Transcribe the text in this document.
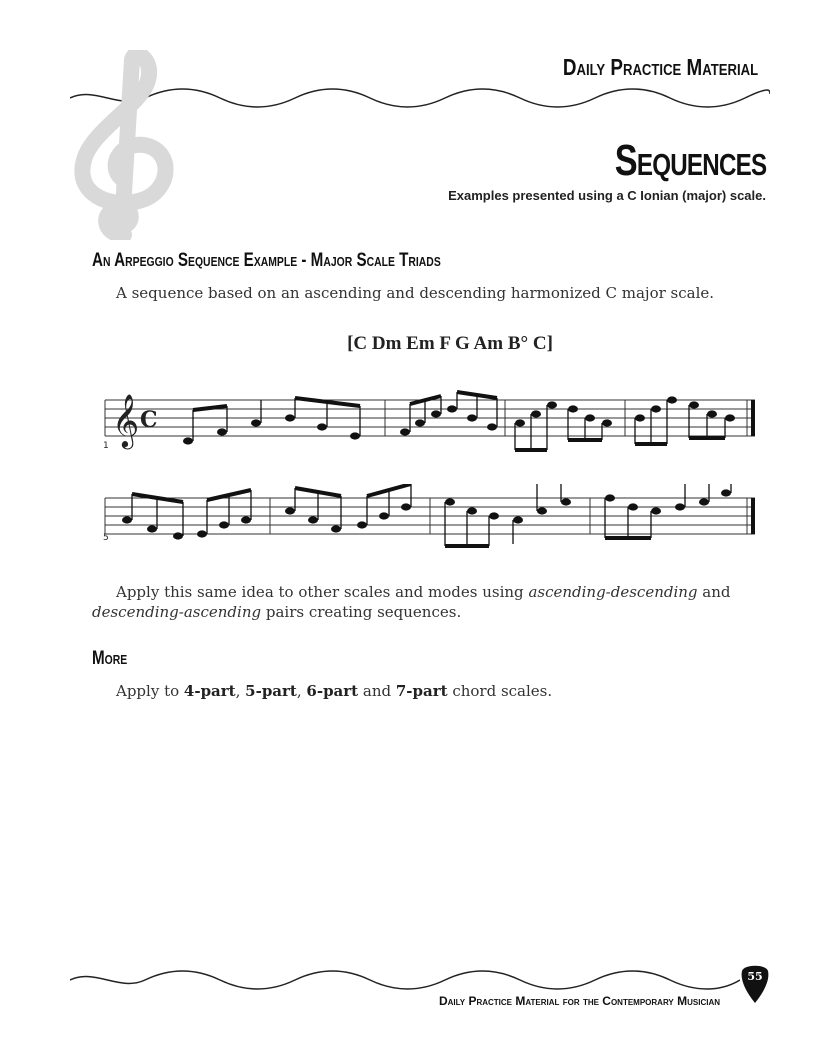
Daily Practice Material
Sequences
Examples presented using a C Ionian (major) scale.
An Arpeggio Sequence Example - Major Scale Triads
A sequence based on an ascending and descending harmonized C major scale.
[C Dm Em F G Am B° C]
𝄞 C
1
5
Apply this same idea to other scales and modes using ascending-descending and
descending-ascending pairs creating sequences.
More
Apply to 4-part, 5-part, 6-part and 7-part chord scales.
55
Daily Practice Material for the Contemporary Musician
